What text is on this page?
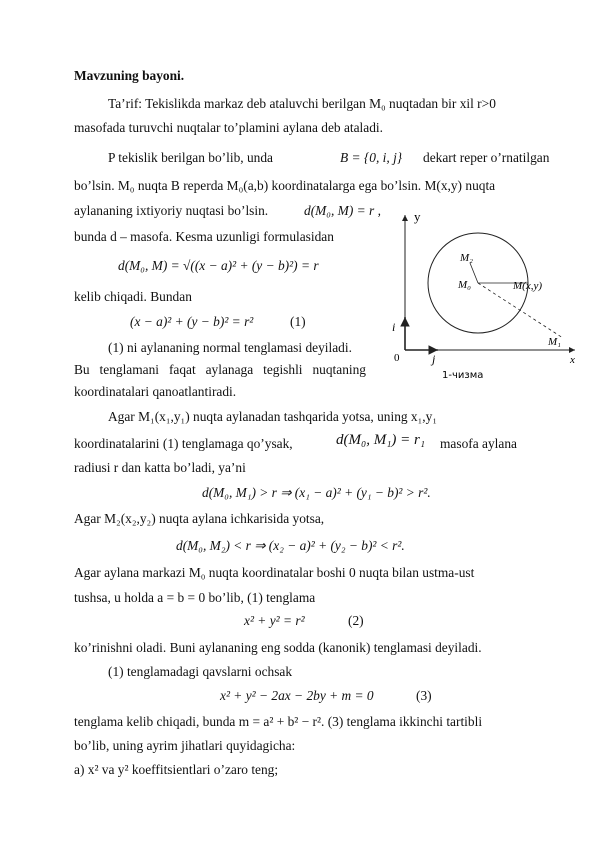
Mavzuning bayoni.
Ta’rif: Tekislikda markaz deb ataluvchi berilgan M₀ nuqtadan bir xil r>0
masofada turuvchi nuqtalar to’plamini aylana deb ataladi.
P tekislik berilgan bo’lib, unda	B = {0, i, j} dekart reper o’rnatilgan
bo’lsin. M₀ nuqta B reperda M₀(a,b) koordinatalarga ega bo’lsin. M(x,y) nuqta
aylananing ixtiyoriy nuqtasi bo’lsin.	d(M₀, M) = r ,
bunda d – masofa. Kesma uzunligi formulasidan
d(M₀, M) = √((x − a)² + (y − b)²) = r
kelib chiqadi. Bundan
(x − a)² + (y − b)² = r²	(1)
(1) ni aylananing normal tenglamasi deyiladi.
Bu tenglamani faqat aylanaga tegishli nuqtaning
koordinatalari qanoatlantiradi.
Agar M₁(x₁,y₁) nuqta aylanadan tashqarida yotsa, uning x₁,y₁
koordinatalarini (1) tenglamaga qo’ysak,	d(M₀, M₁) = r₁ masofa aylana
radiusi r dan katta bo’ladi, ya’ni
d(M₀, M₁) > r ⇒ (x₁ − a)² + (y₁ − b)² > r².
Agar M₂(x₂,y₂) nuqta aylana ichkarisida yotsa,
d(M₀, M₂) < r ⇒ (x₂ − a)² + (y₂ − b)² < r².
Agar aylana markazi M₀ nuqta koordinatalar boshi 0 nuqta bilan ustma-ust
tushsa, u holda a = b = 0 bo’lib, (1) tenglama
x² + y² = r²	(2)
ko’rinishni oladi. Buni aylananing eng sodda (kanonik) tenglamasi deyiladi.
(1) tenglamadagi qavslarni ochsak
x² + y² − 2ax − 2by + m = 0	(3)
tenglama kelib chiqadi, bunda m = a² + b² − r². (3) tenglama ikkinchi tartibli
bo’lib, uning ayrim jihatlari quyidagicha:
a) x² va y² koeffitsientlari o’zaro teng;
y
x
0
i
j
M₀
M₂
M(x,y)
M₁
1-чизма
